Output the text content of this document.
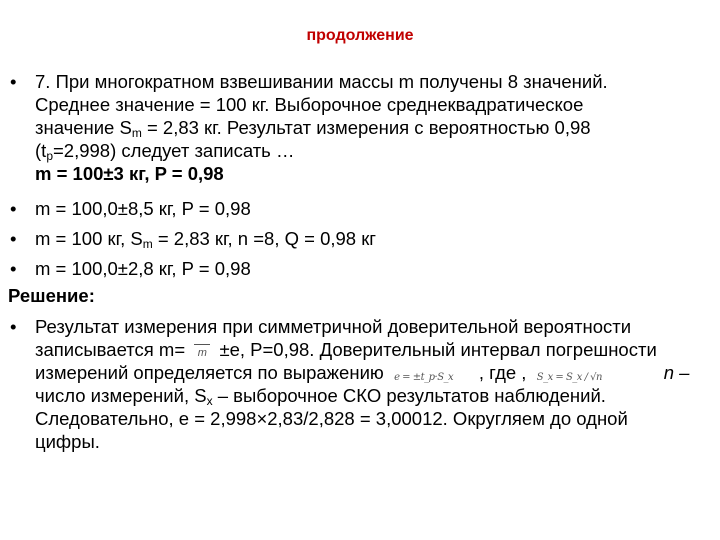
продолжение
•	7. При многократном взвешивании массы m получены 8 значений.
Среднее значение = 100 кг. Выборочное среднеквадратическое
значение $S_m = 2,83$ кг. Результат измерения с вероятностью 0,98
$(t_p=2,998)$ следует записать …
m = 100±3 кг, P = 0,98
•	m = 100,0±8,5 кг, P = 0,98
•	m = 100 кг, $S_m = 2,83$ кг, n =8, Q = 0,98 кг
•	m = 100,0±2,8 кг, P = 0,98
Решение:
•	Результат измерения при симметричной доверительной вероятности
записывается m= m ±e, P=0,98. Доверительный интервал погрешности
измерений определяется по выражению e = ±t_p·S_x , где , S_x = S_x / √n	n –
число измерений, $S_x$ – выборочное СКО результатов наблюдений.
Следовательно, e = 2,998×2,83/2,828 = 3,00012. Округляем до одной
цифры.
